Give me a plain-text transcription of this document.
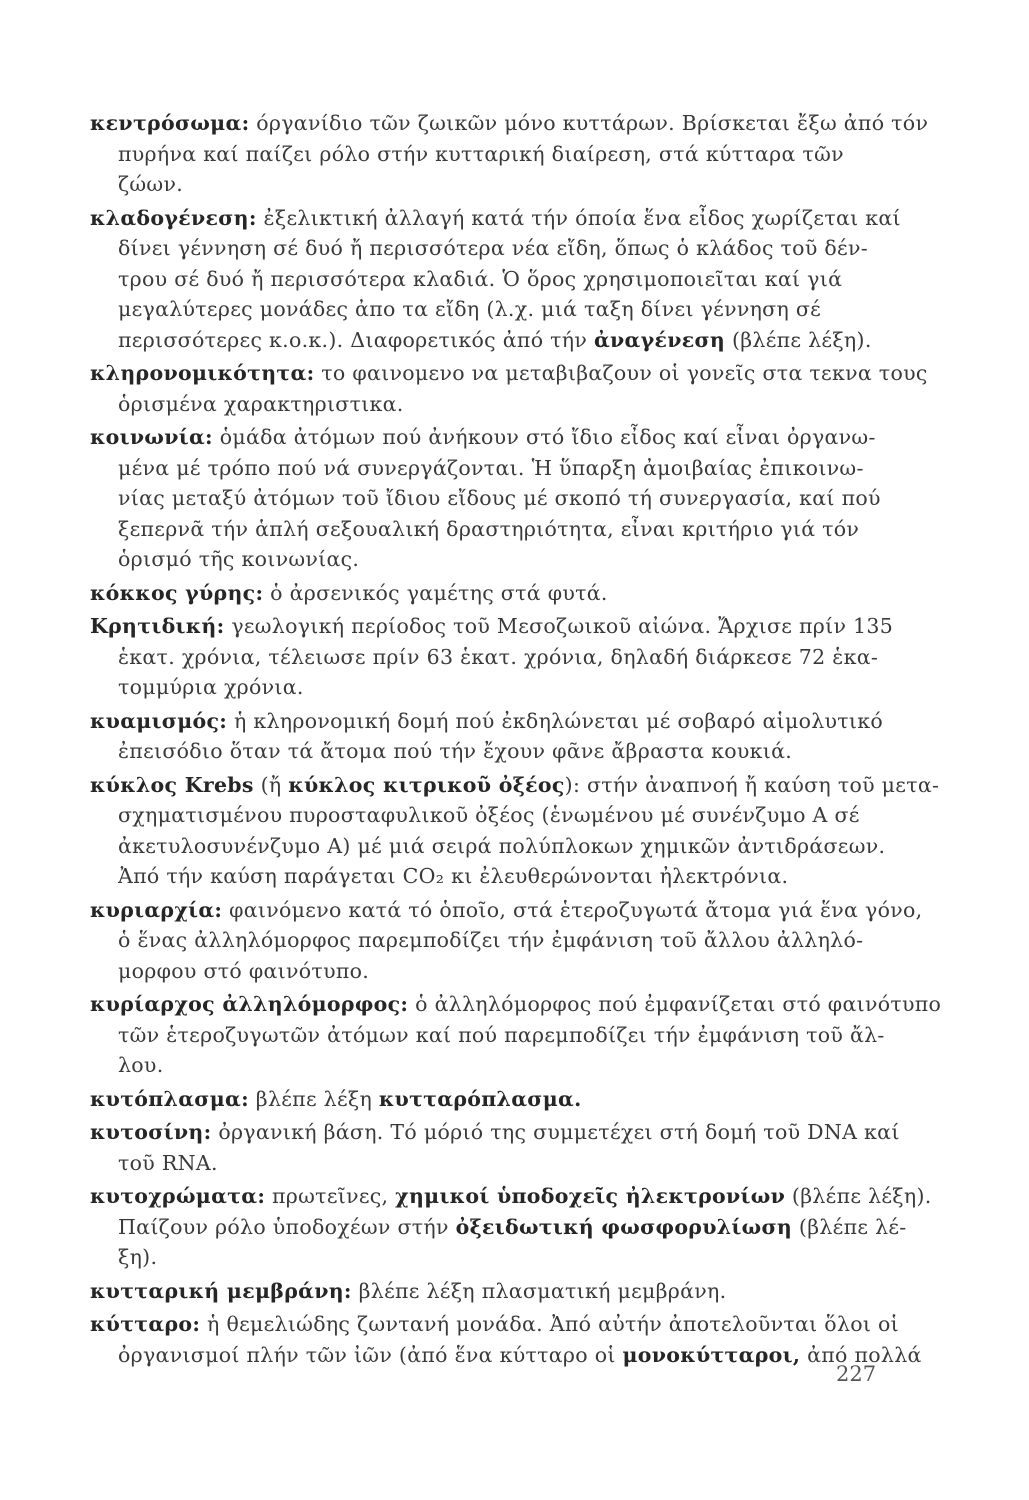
κεντρόσωμα: όργανίδιο τῶν ζωικῶν μόνο κυττάρων. Βρίσκεται ἔξω ἀπό τόν
πυρήνα καί παίζει ρόλο στήν κυτταρική διαίρεση, στά κύτταρα τῶν
ζώων.
κλαδογένεση: ἐξελικτική ἀλλαγή κατά τήν όποία ἕνα εἶδος χωρίζεται καί
δίνει γέννηση σέ δυό ἤ περισσότερα νέα εἴδη, ὅπως ὁ κλάδος τοῦ δέν-
τρου σέ δυό ἤ περισσότερα κλαδιά. Ὁ ὅρος χρησιμοποιεῖται καί γιά
μεγαλύτερες μονάδες ἀπο τα εἴδη (λ.χ. μιά ταξη δίνει γέννηση σέ
περισσότερες κ.ο.κ.). Διαφορετικός ἀπό τήν ἀναγένεση (βλέπε λέξη).
κληρονομικότητα: το φαινομενο να μεταβιβαζουν οἱ γονεῖς στα τεκνα τους
ὁρισμένα χαρακτηριστικα.
κοινωνία: ὁμάδα ἀτόμων πού ἀνήκουν στό ἴδιο εἶδος καί εἶναι ὀργανω-
μένα μέ τρόπο πού νά συνεργάζονται. Ἡ ὕπαρξη ἀμοιβαίας ἐπικοινω-
νίας μεταξύ ἀτόμων τοῦ ἴδιου εἴδους μέ σκοπό τή συνεργασία, καί πού
ξεπερνᾶ τήν ἁπλή σεξουαλική δραστηριότητα, εἶναι κριτήριο γιά τόν
ὁρισμό τῆς κοινωνίας.
κόκκος γύρης: ὁ ἀρσενικός γαμέτης στά φυτά.
Κρητιδική: γεωλογική περίοδος τοῦ Μεσοζωικοῦ αἰώνα. Ἄρχισε πρίν 135
ἑκατ. χρόνια, τέλειωσε πρίν 63 ἑκατ. χρόνια, δηλαδή διάρκεσε 72 ἑκα-
τομμύρια χρόνια.
κυαμισμός: ἡ κληρονομική δομή πού ἐκδηλώνεται μέ σοβαρό αἱμολυτικό
ἐπεισόδιο ὅταν τά ἄτομα πού τήν ἔχουν φᾶνε ἄβραστα κουκιά.
κύκλος Krebs (ἤ κύκλος κιτρικοῦ ὀξέος): στήν ἀναπνοή ἤ καύση τοῦ μετα-
σχηματισμένου πυροσταφυλικοῦ ὀξέος (ἑνωμένου μέ συνένζυμο Α σέ
ἀκετυλοσυνένζυμο Α) μέ μιά σειρά πολύπλοκων χημικῶν ἀντιδράσεων.
Ἀπό τήν καύση παράγεται CO₂ κι ἐλευθερώνονται ἠλεκτρόνια.
κυριαρχία: φαινόμενο κατά τό ὁποῖο, στά ἑτεροζυγωτά ἄτομα γιά ἕνα γόνο,
ὁ ἕνας ἀλληλόμορφος παρεμποδίζει τήν ἐμφάνιση τοῦ ἄλλου ἀλληλό-
μορφου στό φαινότυπο.
κυρίαρχος ἀλληλόμορφος: ὁ ἀλληλόμορφος πού ἐμφανίζεται στό φαινότυπο
τῶν ἑτεροζυγωτῶν ἀτόμων καί πού παρεμποδίζει τήν ἐμφάνιση τοῦ ἄλ-
λου.
κυτόπλασμα: βλέπε λέξη κυτταρόπλασμα.
κυτοσίνη: ὀργανική βάση. Τό μόριό της συμμετέχει στή δομή τοῦ DNA καί
τοῦ RNA.
κυτοχρώματα: πρωτεῖνες, χημικοί ὑποδοχεῖς ἠλεκτρονίων (βλέπε λέξη).
Παίζουν ρόλο ὑποδοχέων στήν ὀξειδωτική φωσφορυλίωση (βλέπε λέ-
ξη).
κυτταρική μεμβράνη: βλέπε λέξη πλασματική μεμβράνη.
κύτταρο: ἡ θεμελιώδης ζωντανή μονάδα. Ἀπό αὐτήν ἀποτελοῦνται ὅλοι οἱ
ὀργανισμοί πλήν τῶν ἰῶν (ἀπό ἕνα κύτταρο οἱ μονοκύτταροι, ἀπό πολλά
227
